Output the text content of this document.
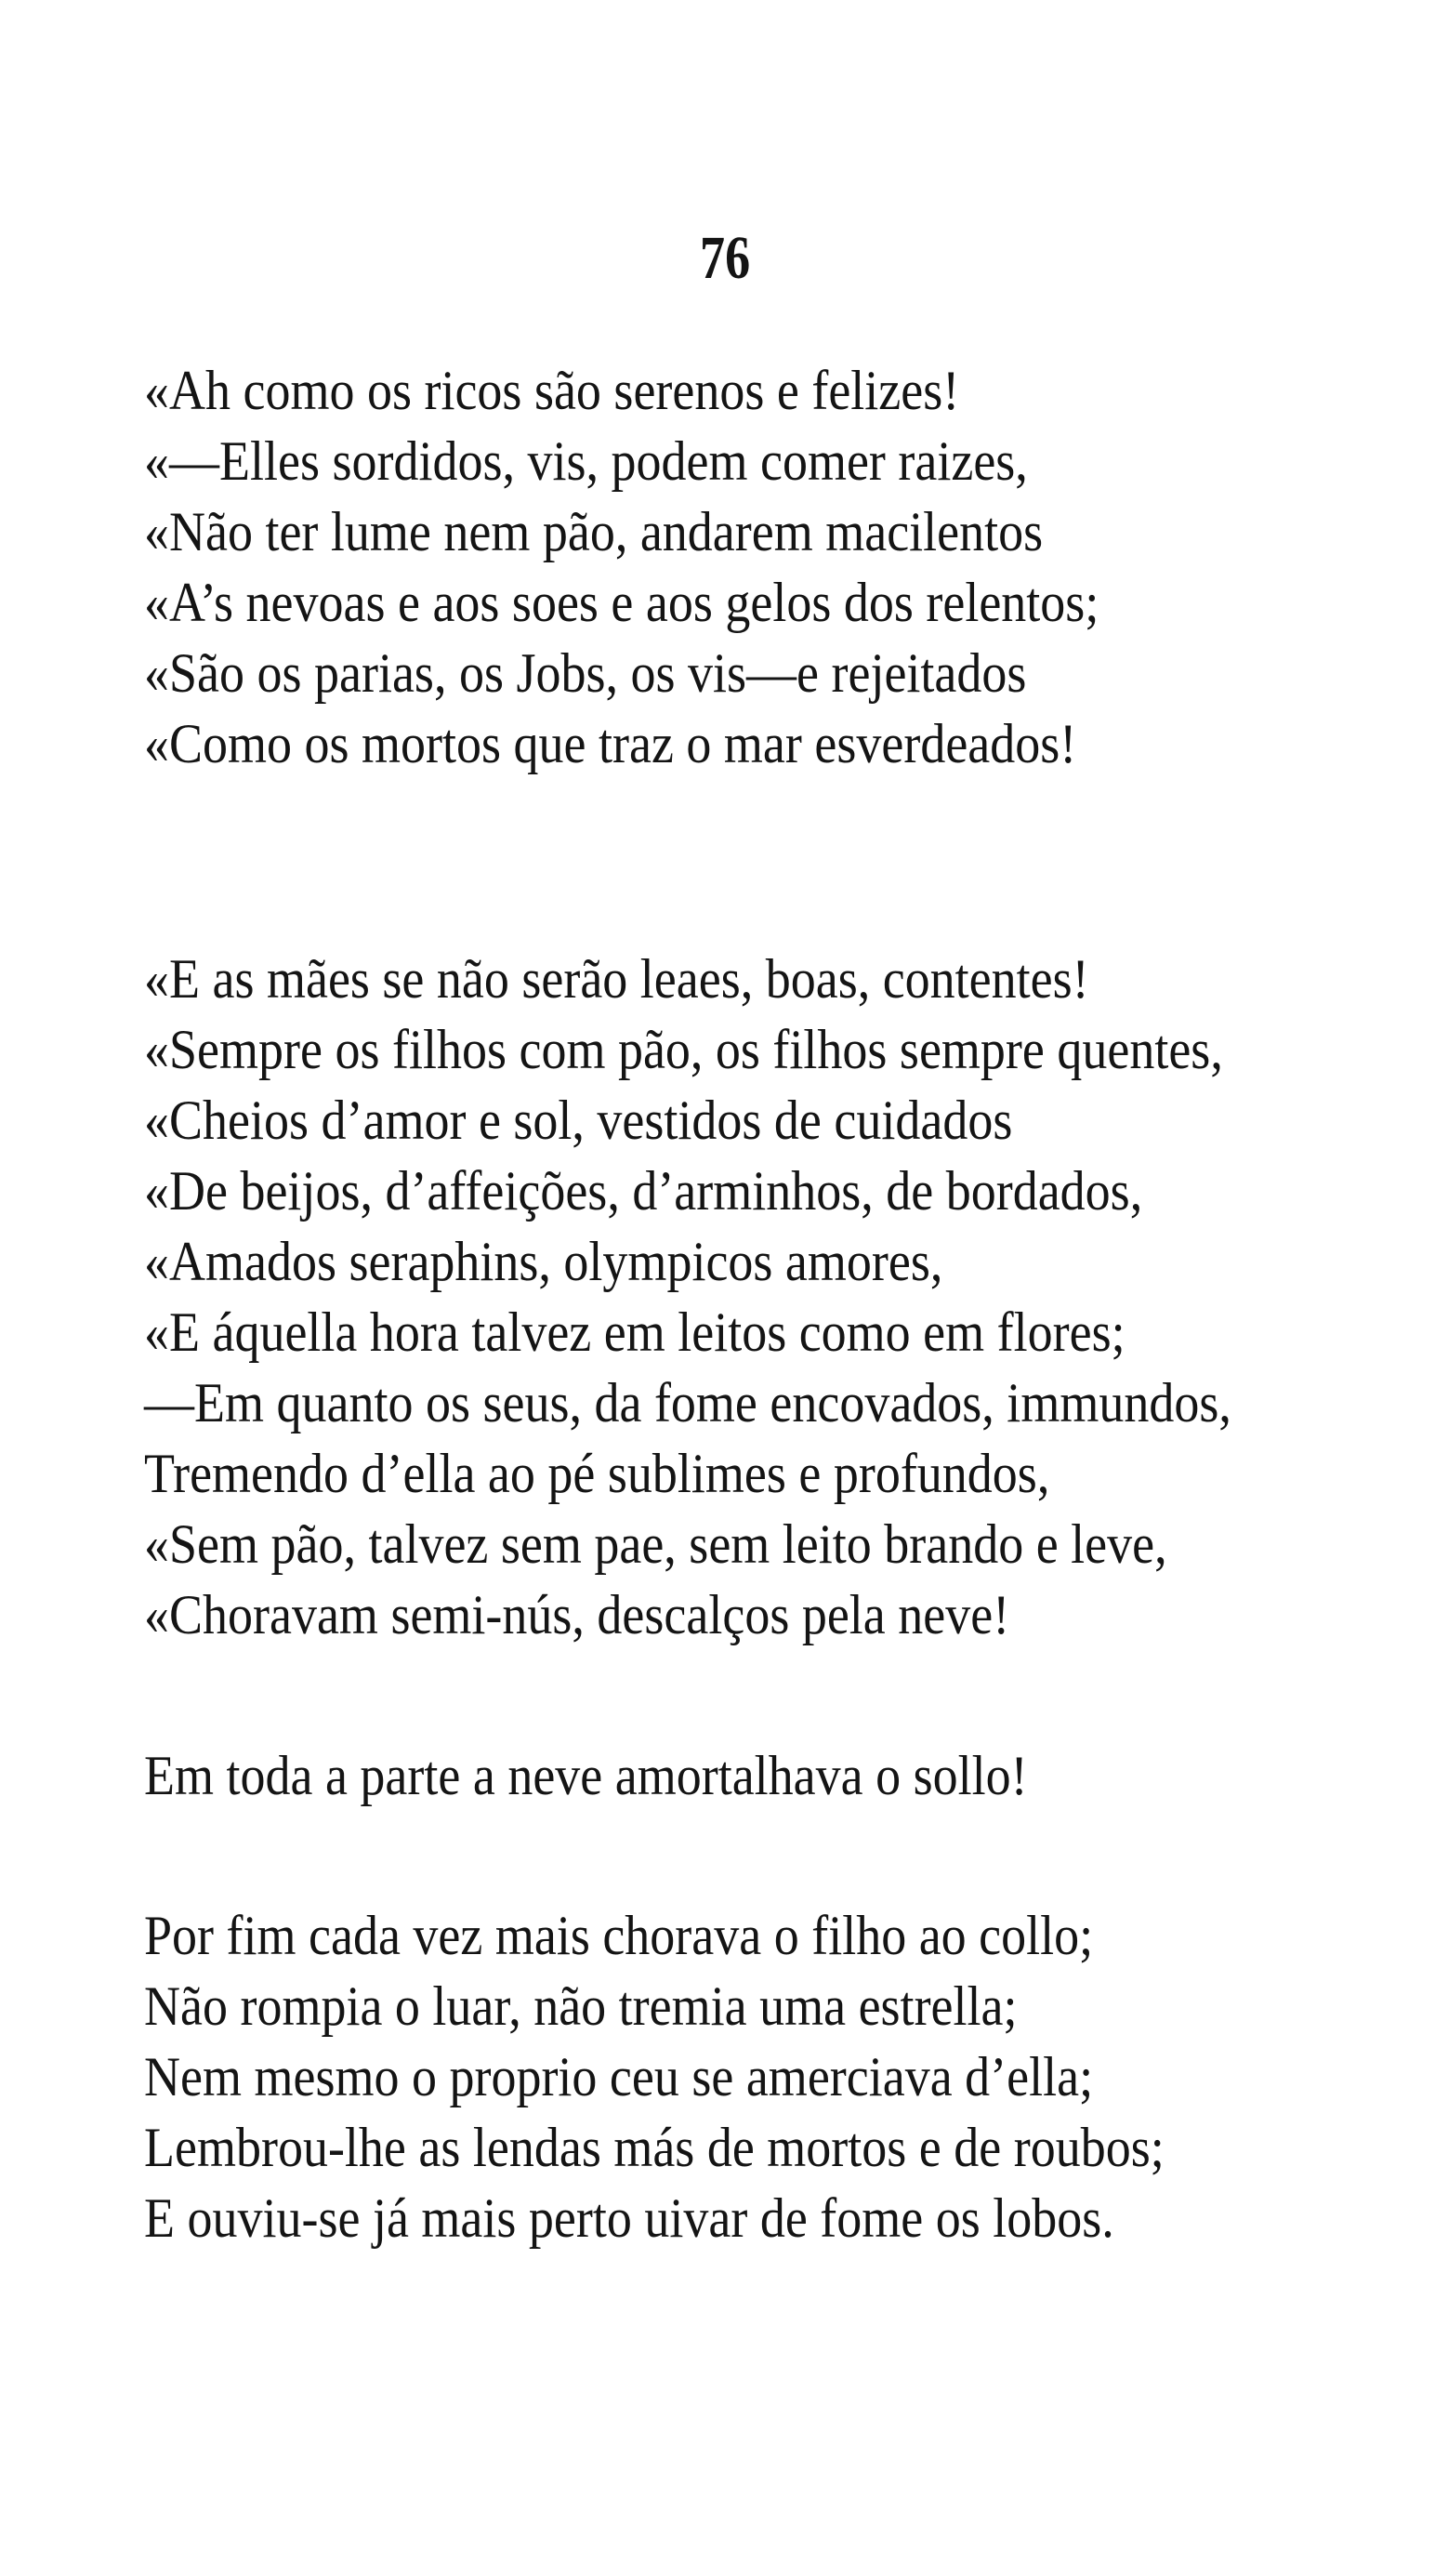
76
«Ah como os ricos são serenos e felizes!
«—Elles sordidos, vis, podem comer raizes,
«Não ter lume nem pão, andarem macilentos
«A’s nevoas e aos soes e aos gelos dos relentos;
«São os parias, os Jobs, os vis—e rejeitados
«Como os mortos que traz o mar esverdeados!
«E as mães se não serão leaes, boas, contentes!
«Sempre os filhos com pão, os filhos sempre quentes,
«Cheios d’amor e sol, vestidos de cuidados
«De beijos, d’affeições, d’arminhos, de bordados,
«Amados seraphins, olympicos amores,
«E áquella hora talvez em leitos como em flores;
—Em quanto os seus, da fome encovados, immundos,
Tremendo d’ella ao pé sublimes e profundos,
«Sem pão, talvez sem pae, sem leito brando e leve,
«Choravam semi-nús, descalços pela neve!
Em toda a parte a neve amortalhava o sollo!
Por fim cada vez mais chorava o filho ao collo;
Não rompia o luar, não tremia uma estrella;
Nem mesmo o proprio ceu se amerciava d’ella;
Lembrou-lhe as lendas más de mortos e de roubos;
E ouviu-se já mais perto uivar de fome os lobos.
